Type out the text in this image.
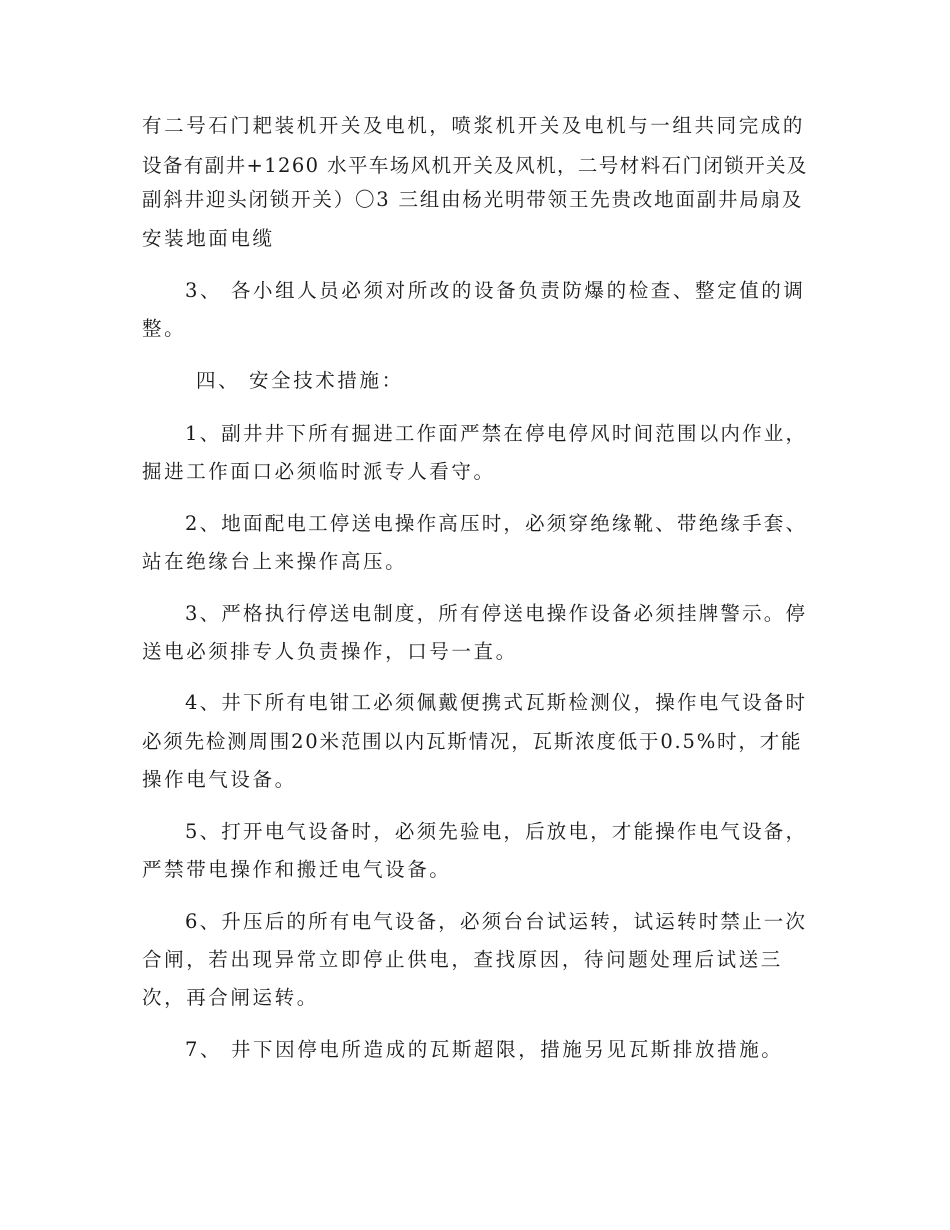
有二号石门耙装机开关及电机，喷浆机开关及电机与一组共同完成的
设备有副井+1260 水平车场风机开关及风机，二号材料石门闭锁开关及
副斜井迎头闭锁开关）〇3 三组由杨光明带领王先贵改地面副井局扇及
安装地面电缆
3、 各小组人员必须对所改的设备负责防爆的检查、整定值的调
整。
四、 安全技术措施：
1、副井井下所有掘进工作面严禁在停电停风时间范围以内作业，
掘进工作面口必须临时派专人看守。
2、地面配电工停送电操作高压时，必须穿绝缘靴、带绝缘手套、
站在绝缘台上来操作高压。
3、严格执行停送电制度，所有停送电操作设备必须挂牌警示。停
送电必须排专人负责操作，口号一直。
4、井下所有电钳工必须佩戴便携式瓦斯检测仪，操作电气设备时
必须先检测周围20米范围以内瓦斯情况，瓦斯浓度低于0.5%时，才能
操作电气设备。
5、打开电气设备时，必须先验电，后放电，才能操作电气设备，
严禁带电操作和搬迁电气设备。
6、升压后的所有电气设备，必须台台试运转，试运转时禁止一次
合闸，若出现异常立即停止供电，查找原因，待问题处理后试送三
次，再合闸运转。
7、 井下因停电所造成的瓦斯超限，措施另见瓦斯排放措施。
